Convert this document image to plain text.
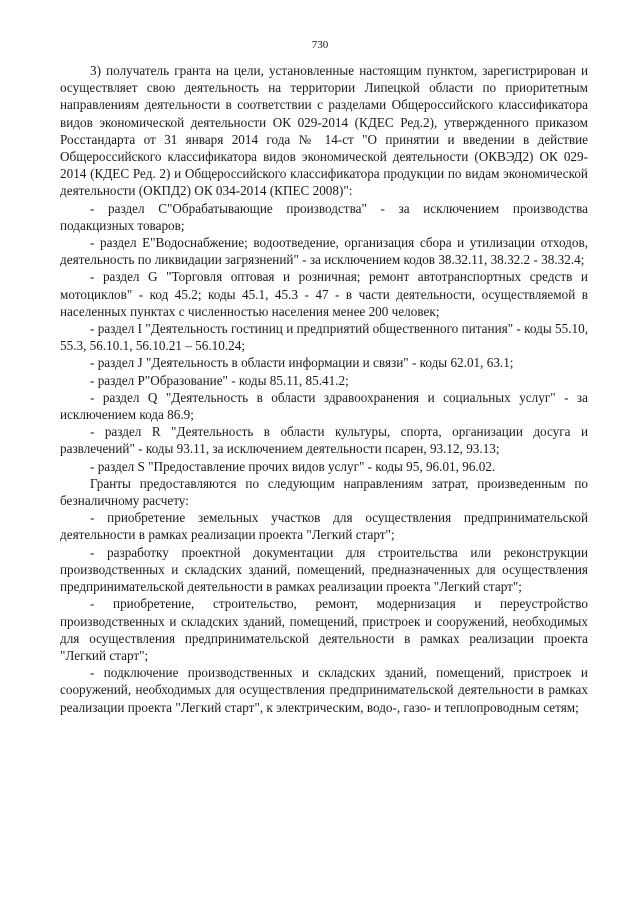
730

3) получатель гранта на цели, установленные настоящим пунктом, зарегистрирован и осуществляет свою деятельность на территории Липецкой области по приоритетным направлениям деятельности в соответствии с разделами Общероссийского классификатора видов экономической деятельности ОК 029-2014 (КДЕС Ред.2), утвержденного приказом Росстандарта от 31 января 2014 года № 14-ст "О принятии и введении в действие Общероссийского классификатора видов экономической деятельности (ОКВЭД2) ОК 029-2014 (КДЕС Ред. 2) и Общероссийского классификатора продукции по видам экономической деятельности (ОКПД2) ОК 034-2014 (КПЕС 2008)":

- раздел С"Обрабатывающие производства" - за исключением производства подакцизных товаров;

- раздел Е"Водоснабжение; водоотведение, организация сбора и утилизации отходов, деятельность по ликвидации загрязнений" - за исключением кодов 38.32.11, 38.32.2 - 38.32.4;

- раздел G "Торговля оптовая и розничная; ремонт автотранспортных средств и мотоциклов" - код 45.2; коды 45.1, 45.3 - 47 - в части деятельности, осуществляемой в населенных пунктах с численностью населения менее 200 человек;

- раздел I "Деятельность гостиниц и предприятий общественного питания" - коды 55.10, 55.3, 56.10.1, 56.10.21 – 56.10.24;

- раздел J "Деятельность в области информации и связи" - коды 62.01, 63.1;

- раздел Р"Образование" - коды 85.11, 85.41.2;

- раздел Q "Деятельность в области здравоохранения и социальных услуг" - за исключением кода 86.9;

- раздел R "Деятельность в области культуры, спорта, организации досуга и развлечений" - коды 93.11, за исключением деятельности псарен, 93.12, 93.13;

- раздел S "Предоставление прочих видов услуг" - коды 95, 96.01, 96.02.

Гранты предоставляются по следующим направлениям затрат, произведенным по безналичному расчету:

- приобретение земельных участков для осуществления предпринимательской деятельности в рамках реализации проекта "Легкий старт";

- разработку проектной документации для строительства или реконструкции производственных и складских зданий, помещений, предназначенных для осуществления предпринимательской деятельности в рамках реализации проекта "Легкий старт";

- приобретение, строительство, ремонт, модернизация и переустройство производственных и складских зданий, помещений, пристроек и сооружений, необходимых для осуществления предпринимательской деятельности в рамках реализации проекта "Легкий старт";

- подключение производственных и складских зданий, помещений, пристроек и сооружений, необходимых для осуществления предпринимательской деятельности в рамках реализации проекта "Легкий старт", к электрическим, водо-, газо- и теплопроводным сетям;
